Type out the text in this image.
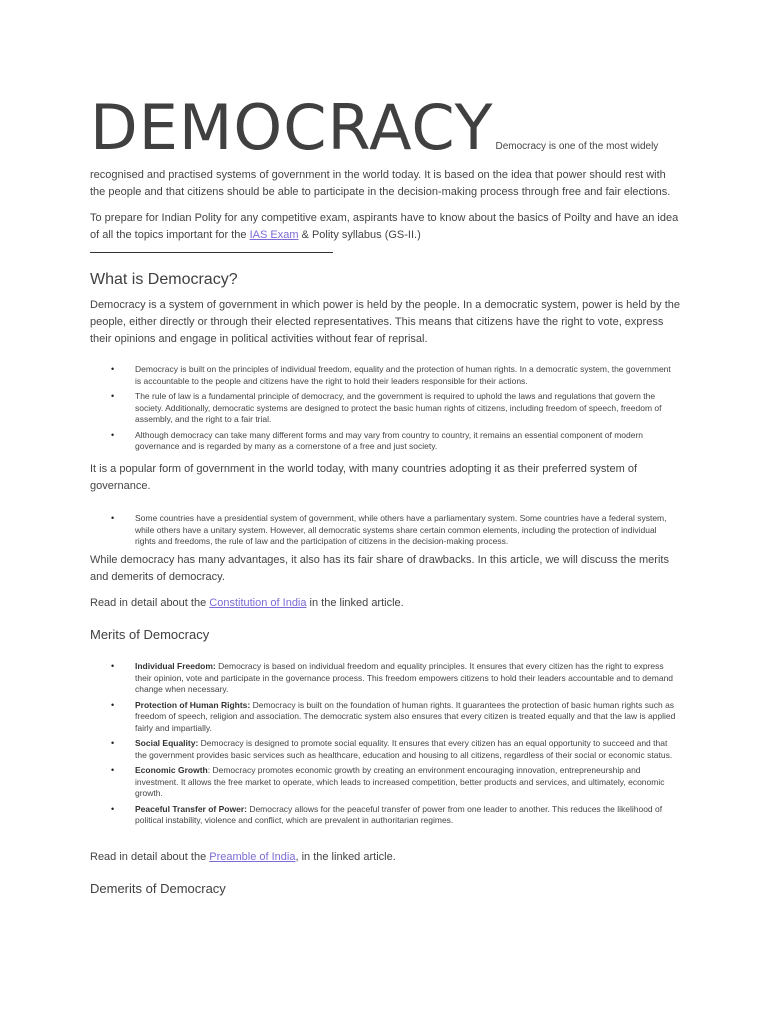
DEMOCRACY Democracy is one of the most widely

recognised and practised systems of government in the world today. It is based on the idea that power should rest with the people and that citizens should be able to participate in the decision-making process through free and fair elections.

To prepare for Indian Polity for any competitive exam, aspirants have to know about the basics of Poilty and have an idea of all the topics important for the IAS Exam & Polity syllabus (GS-II.)

What is Democracy?

Democracy is a system of government in which power is held by the people. In a democratic system, power is held by the people, either directly or through their elected representatives. This means that citizens have the right to vote, express their opinions and engage in political activities without fear of reprisal.

• Democracy is built on the principles of individual freedom, equality and the protection of human rights. In a democratic system, the government is accountable to the people and citizens have the right to hold their leaders responsible for their actions.
• The rule of law is a fundamental principle of democracy, and the government is required to uphold the laws and regulations that govern the society. Additionally, democratic systems are designed to protect the basic human rights of citizens, including freedom of speech, freedom of assembly, and the right to a fair trial.
• Although democracy can take many different forms and may vary from country to country, it remains an essential component of modern governance and is regarded by many as a cornerstone of a free and just society.

It is a popular form of government in the world today, with many countries adopting it as their preferred system of governance.

• Some countries have a presidential system of government, while others have a parliamentary system. Some countries have a federal system, while others have a unitary system. However, all democratic systems share certain common elements, including the protection of individual rights and freedoms, the rule of law and the participation of citizens in the decision-making process.

While democracy has many advantages, it also has its fair share of drawbacks. In this article, we will discuss the merits and demerits of democracy.

Read in detail about the Constitution of India in the linked article.

Merits of Democracy
• Individual Freedom: Democracy is based on individual freedom and equality principles. It ensures that every citizen has the right to express their opinion, vote and participate in the governance process. This freedom empowers citizens to hold their leaders accountable and to demand change when necessary.
• Protection of Human Rights: Democracy is built on the foundation of human rights. It guarantees the protection of basic human rights such as freedom of speech, religion and association. The democratic system also ensures that every citizen is treated equally and that the law is applied fairly and impartially.
• Social Equality: Democracy is designed to promote social equality. It ensures that every citizen has an equal opportunity to succeed and that the government provides basic services such as healthcare, education and housing to all citizens, regardless of their social or economic status.
• Economic Growth: Democracy promotes economic growth by creating an environment encouraging innovation, entrepreneurship and investment. It allows the free market to operate, which leads to increased competition, better products and services, and ultimately, economic growth.
• Peaceful Transfer of Power: Democracy allows for the peaceful transfer of power from one leader to another. This reduces the likelihood of political instability, violence and conflict, which are prevalent in authoritarian regimes.

Read in detail about the Preamble of India, in the linked article.

Demerits of Democracy
